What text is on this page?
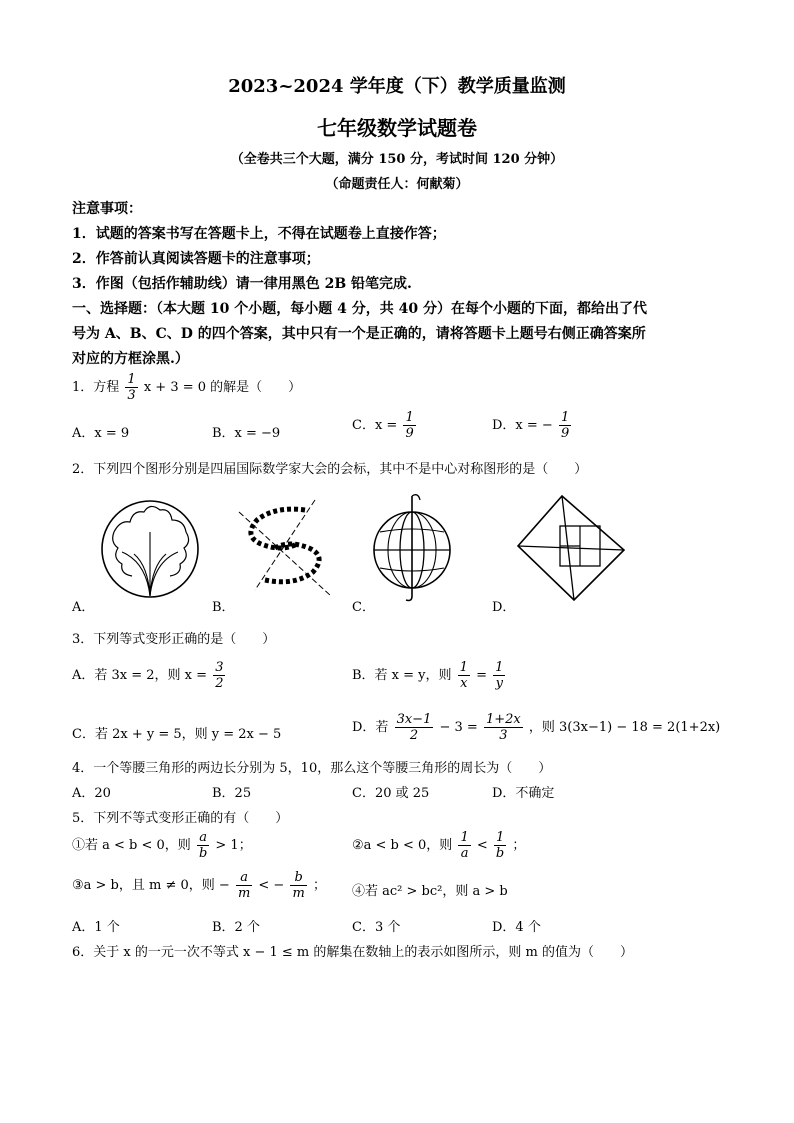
2023~2024 学年度（下）教学质量监测
七年级数学试题卷
（全卷共三个大题，满分 150 分，考试时间 120 分钟）
（命题责任人：何献菊）
注意事项：
1．试题的答案书写在答题卡上，不得在试题卷上直接作答；
2．作答前认真阅读答题卡的注意事项；
3．作图（包括作辅助线）请一律用黑色 2B 铅笔完成.
一、选择题：（本大题 10 个小题，每小题 4 分，共 40 分）在每个小题的下面，都给出了代
号为 A、B、C、D 的四个答案，其中只有一个是正确的，请将答题卡上题号右侧正确答案所
对应的方框涂黑.）
1．方程 $\frac{1}{3}$ x + 3 = 0 的解是（　　）
A．x = 9	B．x = −9
C．$x = \frac{1}{9}$	D．x = − $\frac{1}{9}$
2．下列四个图形分别是四届国际数学家大会的会标，其中不是中心对称图形的是（　　）
A．	B．	C．	D．
3．下列等式变形正确的是（　　）
A．若 3x = 2，则 $x = \frac{3}{2}$	B．若 x = y，则 $\frac{1}{x} = \frac{1}{y}$
C．若 2x + y = 5，则 y = 2x − 5	D．若 $\frac{3x-1}{2} - 3 = \frac{1+2x}{3}$ ，则 3(3x−1) − 18 = 2(1+2x)
4．一个等腰三角形的两边长分别为 5，10，那么这个等腰三角形的周长为（　　）
A．20	B．25	C．20 或 25	D．不确定
5．下列不等式变形正确的有（　　）
①若 a < b < 0，则 $\frac{a}{b} > 1$；	②a < b < 0，则 $\frac{1}{a} < \frac{1}{b}$ ；
③a > b，且 m ≠ 0，则 − $\frac{a}{m}$ < − $\frac{b}{m}$ ； ④若 ac² > bc²，则 a > b
A．1 个	B．2 个	C．3 个	D．4 个
6．关于 x 的一元一次不等式 x − 1 ≤ m 的解集在数轴上的表示如图所示，则 m 的值为（　　）
